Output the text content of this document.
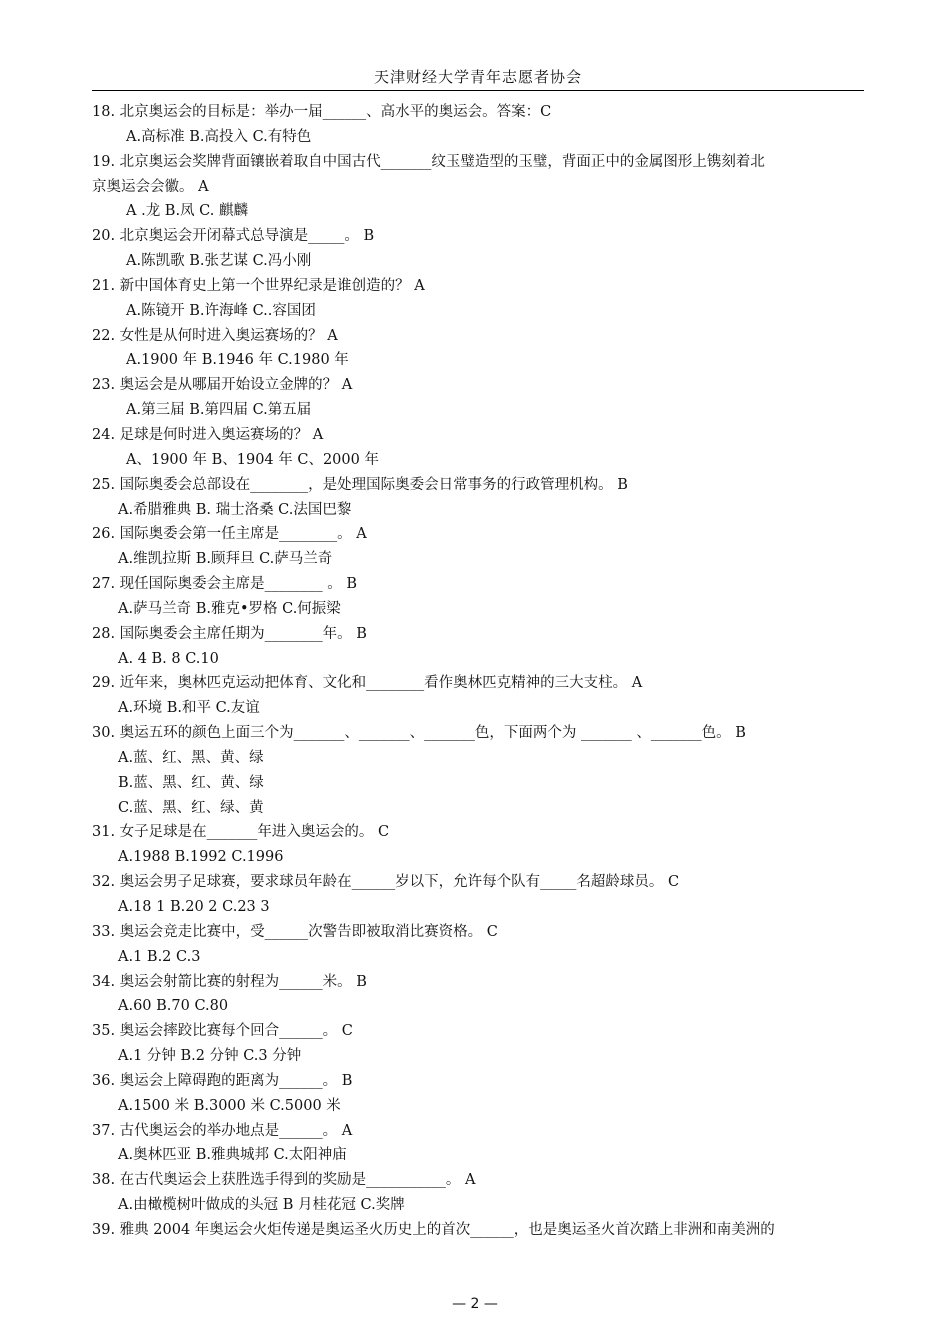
天津财经大学青年志愿者协会
18. 北京奥运会的目标是：举办一届______、高水平的奥运会。答案：C
A.高标准 B.高投入 C.有特色
19. 北京奥运会奖牌背面镶嵌着取自中国古代_______纹玉璧造型的玉璧，背面正中的金属图形上镌刻着北
京奥运会会徽。 A
A .龙 B.凤 C. 麒麟
20. 北京奥运会开闭幕式总导演是_____。 B
A.陈凯歌 B.张艺谋 C.冯小刚
21. 新中国体育史上第一个世界纪录是谁创造的？ A
A.陈镜开 B.许海峰 C..容国团
22. 女性是从何时进入奥运赛场的？ A
A.1900 年 B.1946 年 C.1980 年
23. 奥运会是从哪届开始设立金牌的？ A
A.第三届 B.第四届 C.第五届
24. 足球是何时进入奥运赛场的？ A
A、1900 年 B、1904 年 C、2000 年
25. 国际奥委会总部设在________，是处理国际奥委会日常事务的行政管理机构。 B
A.希腊雅典 B. 瑞士洛桑 C.法国巴黎
26. 国际奥委会第一任主席是________。 A
A.维凯拉斯 B.顾拜旦 C.萨马兰奇
27. 现任国际奥委会主席是________ 。 B
A.萨马兰奇 B.雅克•罗格 C.何振梁
28. 国际奥委会主席任期为________年。 B
A. 4 B. 8 C.10
29. 近年来，奥林匹克运动把体育、文化和________看作奥林匹克精神的三大支柱。 A
A.环境 B.和平 C.友谊
30. 奥运五环的颜色上面三个为_______、_______、_______色，下面两个为 _______ 、_______色。 B
A.蓝、红、黑、黄、绿
B.蓝、黑、红、黄、绿
C.蓝、黑、红、绿、黄
31. 女子足球是在_______年进入奥运会的。 C
A.1988 B.1992 C.1996
32. 奥运会男子足球赛，要求球员年龄在______岁以下，允许每个队有_____名超龄球员。 C
A.18 1 B.20 2 C.23 3
33. 奥运会竞走比赛中，受______次警告即被取消比赛资格。 C
A.1 B.2 C.3
34. 奥运会射箭比赛的射程为______米。 B
A.60 B.70 C.80
35. 奥运会摔跤比赛每个回合______。 C
A.1 分钟 B.2 分钟 C.3 分钟
36. 奥运会上障碍跑的距离为______。 B
A.1500 米 B.3000 米 C.5000 米
37. 古代奥运会的举办地点是______。 A
A.奥林匹亚 B.雅典城邦 C.太阳神庙
38. 在古代奥运会上获胜选手得到的奖励是___________。 A
A.由橄榄树叶做成的头冠 B 月桂花冠 C.奖牌
39. 雅典 2004 年奥运会火炬传递是奥运圣火历史上的首次______，也是奥运圣火首次踏上非洲和南美洲的
— 2 —
